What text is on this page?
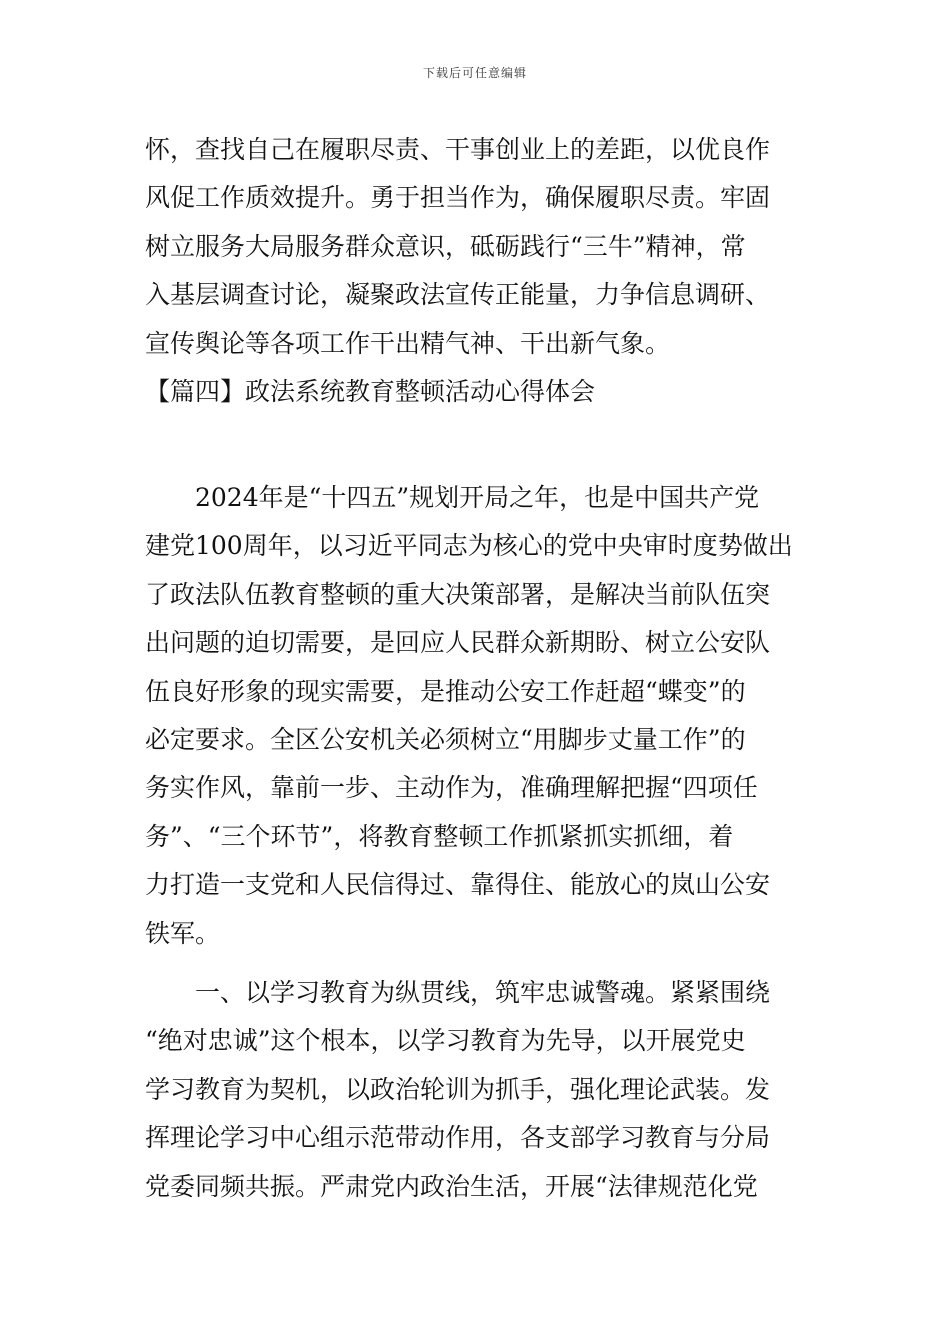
下载后可任意编辑
怀，查找自己在履职尽责、干事创业上的差距，以优良作
风促工作质效提升。勇于担当作为，确保履职尽责。牢固
树立服务大局服务群众意识，砥砺践行“三牛”精神，常
入基层调查讨论，凝聚政法宣传正能量，力争信息调研、
宣传舆论等各项工作干出精气神、干出新气象。
【篇四】政法系统教育整顿活动心得体会
　　2024年是“十四五”规划开局之年，也是中国共产党
建党100周年，以习近平同志为核心的党中央审时度势做出
了政法队伍教育整顿的重大决策部署，是解决当前队伍突
出问题的迫切需要，是回应人民群众新期盼、树立公安队
伍良好形象的现实需要，是推动公安工作赶超“蝶变”的
必定要求。全区公安机关必须树立“用脚步丈量工作”的
务实作风，靠前一步、主动作为，准确理解把握“四项任
务”、“三个环节”，将教育整顿工作抓紧抓实抓细，着
力打造一支党和人民信得过、靠得住、能放心的岚山公安
铁军。
　　一、以学习教育为纵贯线，筑牢忠诚警魂。紧紧围绕
“绝对忠诚”这个根本，以学习教育为先导，以开展党史
学习教育为契机，以政治轮训为抓手，强化理论武装。发
挥理论学习中心组示范带动作用，各支部学习教育与分局
党委同频共振。严肃党内政治生活，开展“法律规范化党
